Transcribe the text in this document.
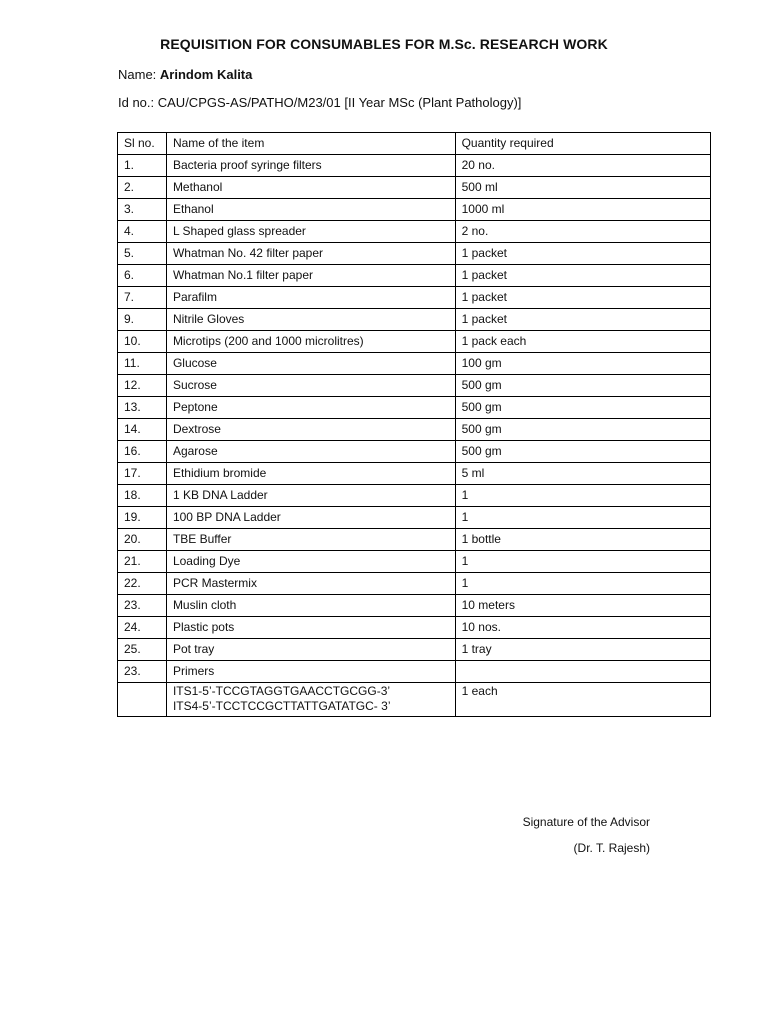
REQUISITION FOR CONSUMABLES FOR M.Sc. RESEARCH WORK
Name: Arindom Kalita
Id no.: CAU/CPGS-AS/PATHO/M23/01 [II Year MSc (Plant Pathology)]
Sl no.	Name of the item	Quantity required
1.	Bacteria proof syringe filters	20 no.
2.	Methanol	500 ml
3.	Ethanol	1000 ml
4.	L Shaped glass spreader	2 no.
5.	Whatman No. 42 filter paper	1 packet
6.	Whatman No.1 filter paper	1 packet
7.	Parafilm	1 packet
9.	Nitrile Gloves	1 packet
10.	Microtips (200 and 1000 microlitres)	1 pack each
11.	Glucose	100 gm
12.	Sucrose	500 gm
13.	Peptone	500 gm
14.	Dextrose	500 gm
16.	Agarose	500 gm
17.	Ethidium bromide	5 ml
18.	1 KB DNA Ladder	1
19.	100 BP DNA Ladder	1
20.	TBE Buffer	1 bottle
21.	Loading Dye	1
22.	PCR Mastermix	1
23.	Muslin cloth	10 meters
24.	Plastic pots	10 nos.
25.	Pot tray	1 tray
23.	Primers	

	ITS1-5’-TCCGTAGGTGAACCTGCGG-3’
ITS4-5’-TCCTCCGCTTATTGATATGC- 3’	1 each
Signature of the Advisor
(Dr. T. Rajesh)
